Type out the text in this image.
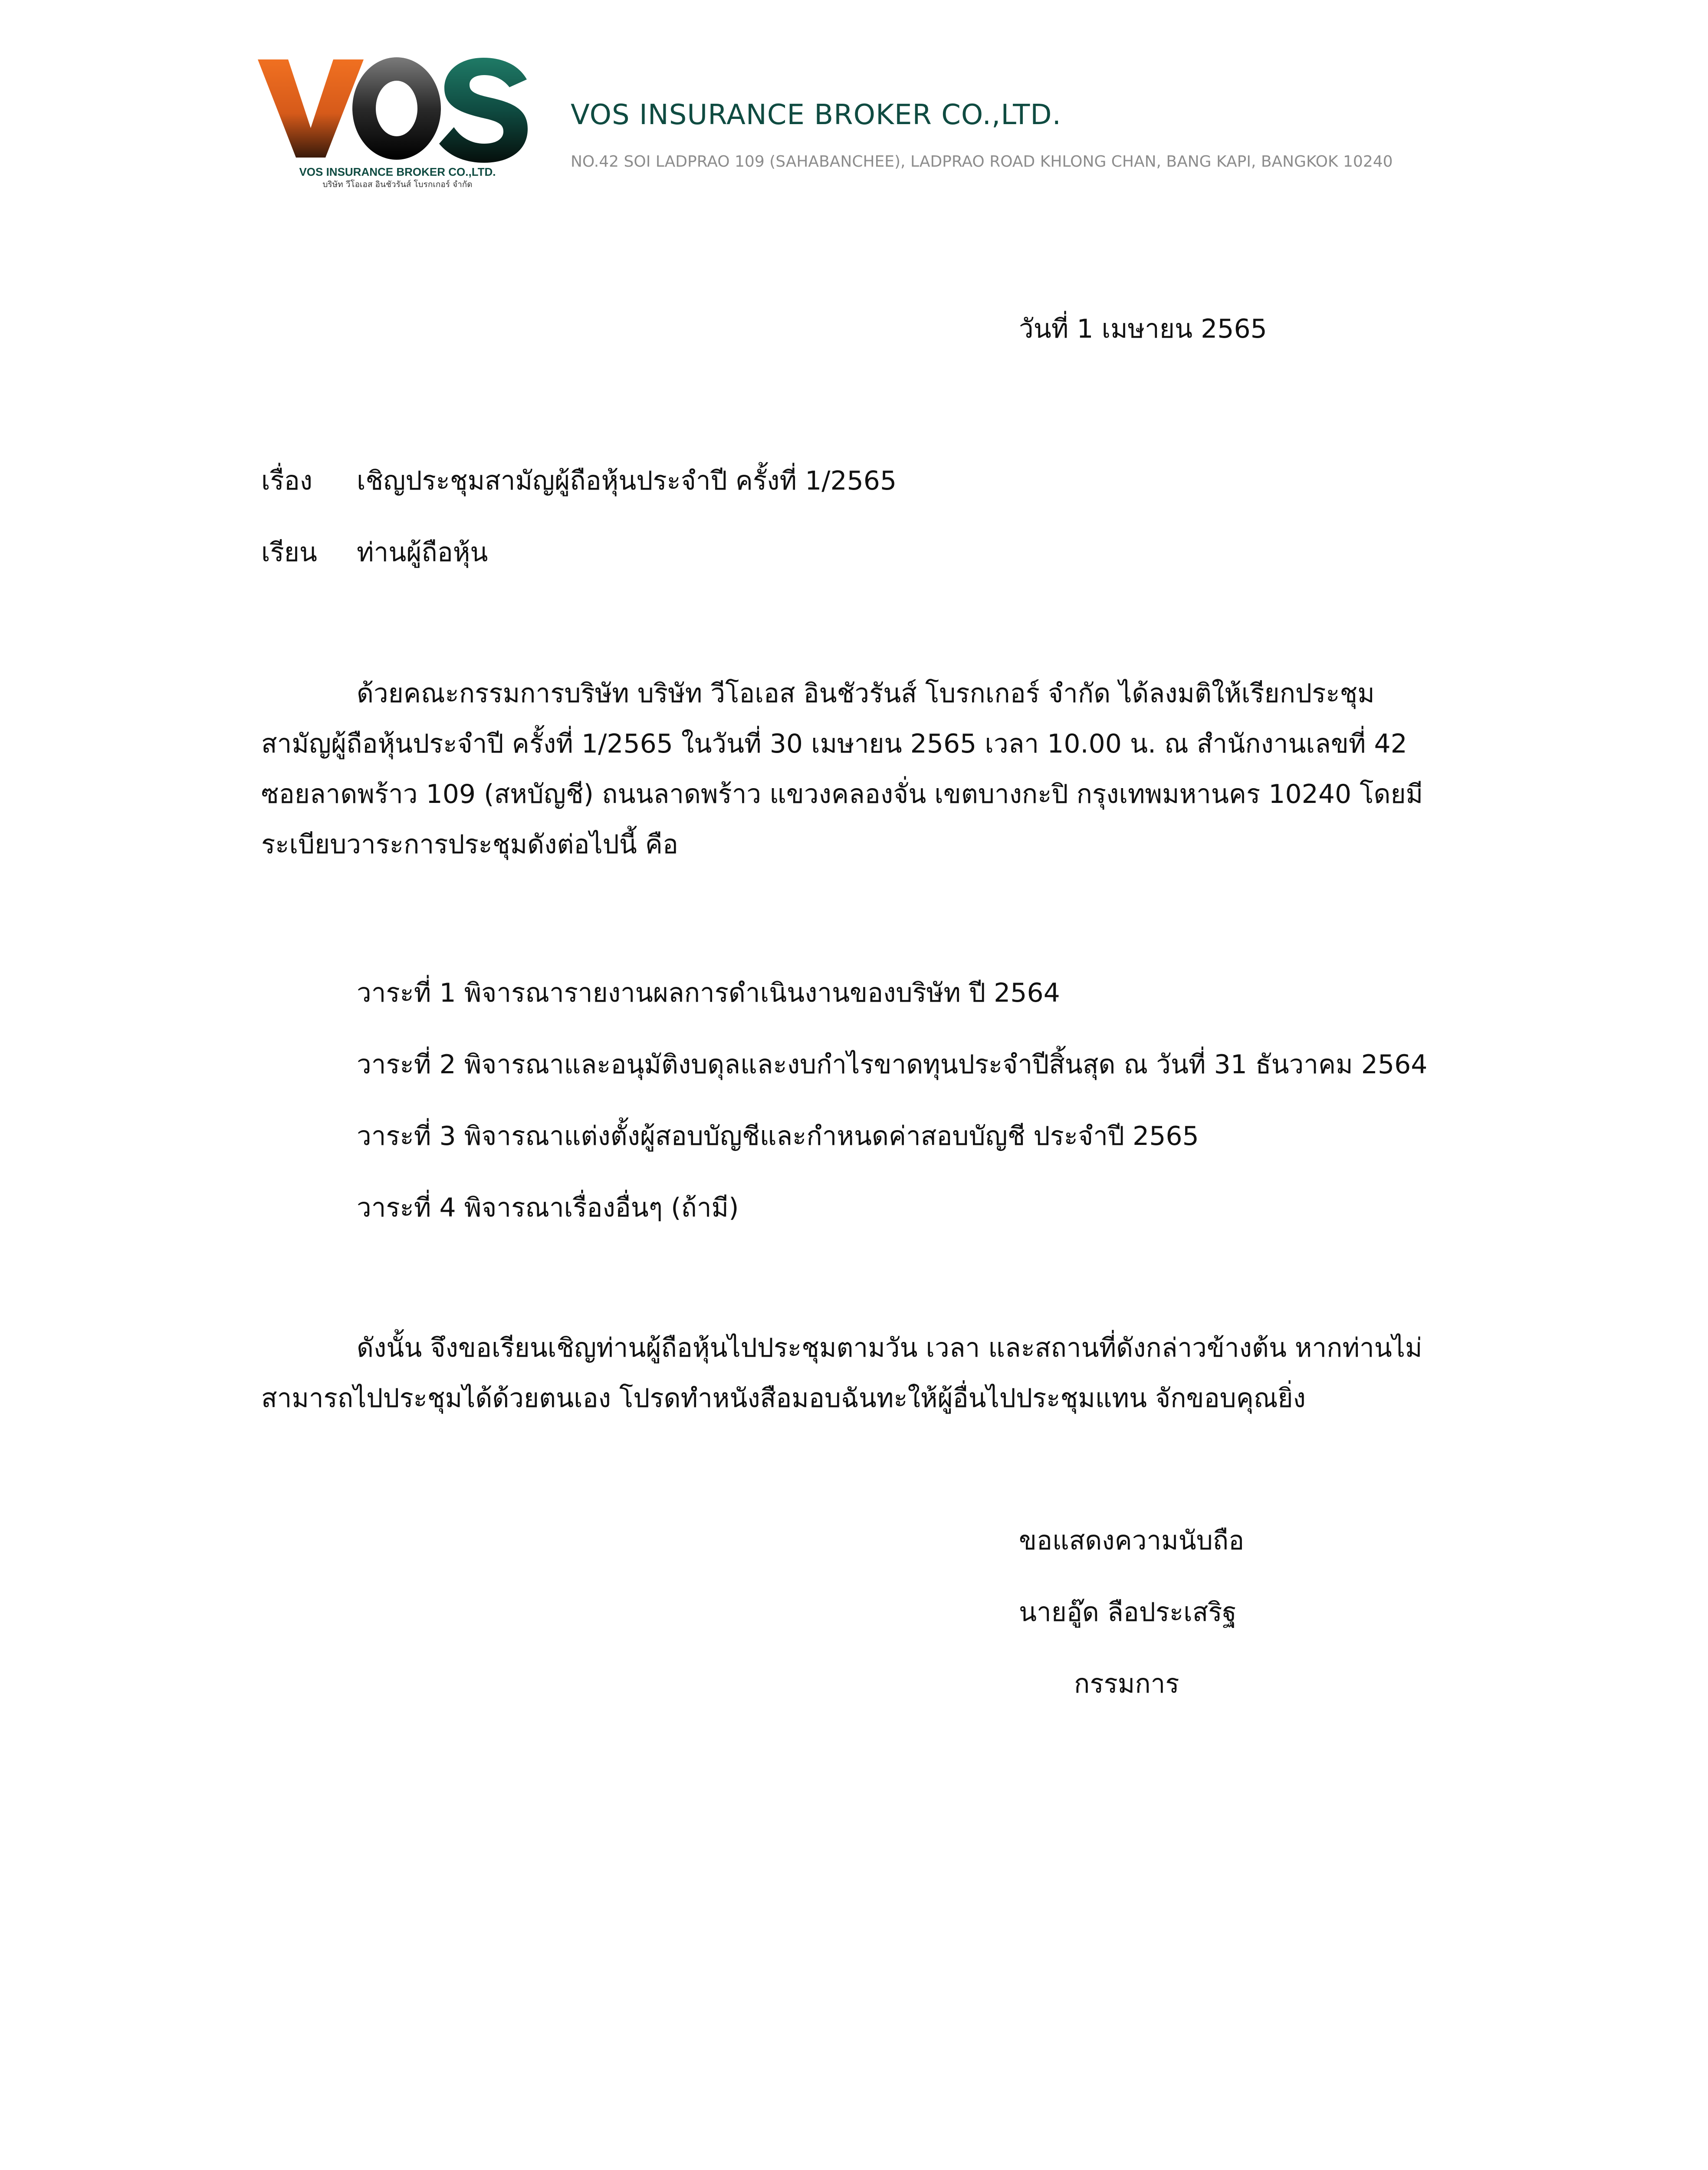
VOS INSURANCE BROKER CO.,LTD.
บริษัท วีโอเอส อินชัวรันส์ โบรกเกอร์ จำกัด
VOS INSURANCE BROKER CO.,LTD.
NO.42 SOI LADPRAO 109 (SAHABANCHEE), LADPRAO ROAD KHLONG CHAN, BANG KAPI, BANGKOK 10240
วันที่ 1 เมษายน 2565
เรื่อง เชิญประชุมสามัญผู้ถือหุ้นประจำปี ครั้งที่ 1/2565
เรียน ท่านผู้ถือหุ้น
ด้วยคณะกรรมการบริษัท บริษัท วีโอเอส อินชัวรันส์ โบรกเกอร์ จำกัด ได้ลงมติให้เรียกประชุมสามัญผู้ถือหุ้นประจำปี ครั้งที่ 1/2565 ในวันที่ 30 เมษายน 2565 เวลา 10.00 น. ณ สำนักงานเลขที่ 42 ซอยลาดพร้าว 109 (สหบัญชี) ถนนลาดพร้าว แขวงคลองจั่น เขตบางกะปิ กรุงเทพมหานคร 10240 โดยมีระเบียบวาระการประชุมดังต่อไปนี้ คือ
วาระที่ 1 พิจารณารายงานผลการดำเนินงานของบริษัท ปี 2564
วาระที่ 2 พิจารณาและอนุมัติงบดุลและงบกำไรขาดทุนประจำปีสิ้นสุด ณ วันที่ 31 ธันวาคม 2564
วาระที่ 3 พิจารณาแต่งตั้งผู้สอบบัญชีและกำหนดค่าสอบบัญชี ประจำปี 2565
วาระที่ 4 พิจารณาเรื่องอื่นๆ (ถ้ามี)
ดังนั้น จึงขอเรียนเชิญท่านผู้ถือหุ้นไปประชุมตามวัน เวลา และสถานที่ดังกล่าวข้างต้น หากท่านไม่สามารถไปประชุมได้ด้วยตนเอง โปรดทำหนังสือมอบฉันทะให้ผู้อื่นไปประชุมแทน จักขอบคุณยิ่ง
ขอแสดงความนับถือ
นายอู๊ด ลือประเสริฐ
กรรมการ
